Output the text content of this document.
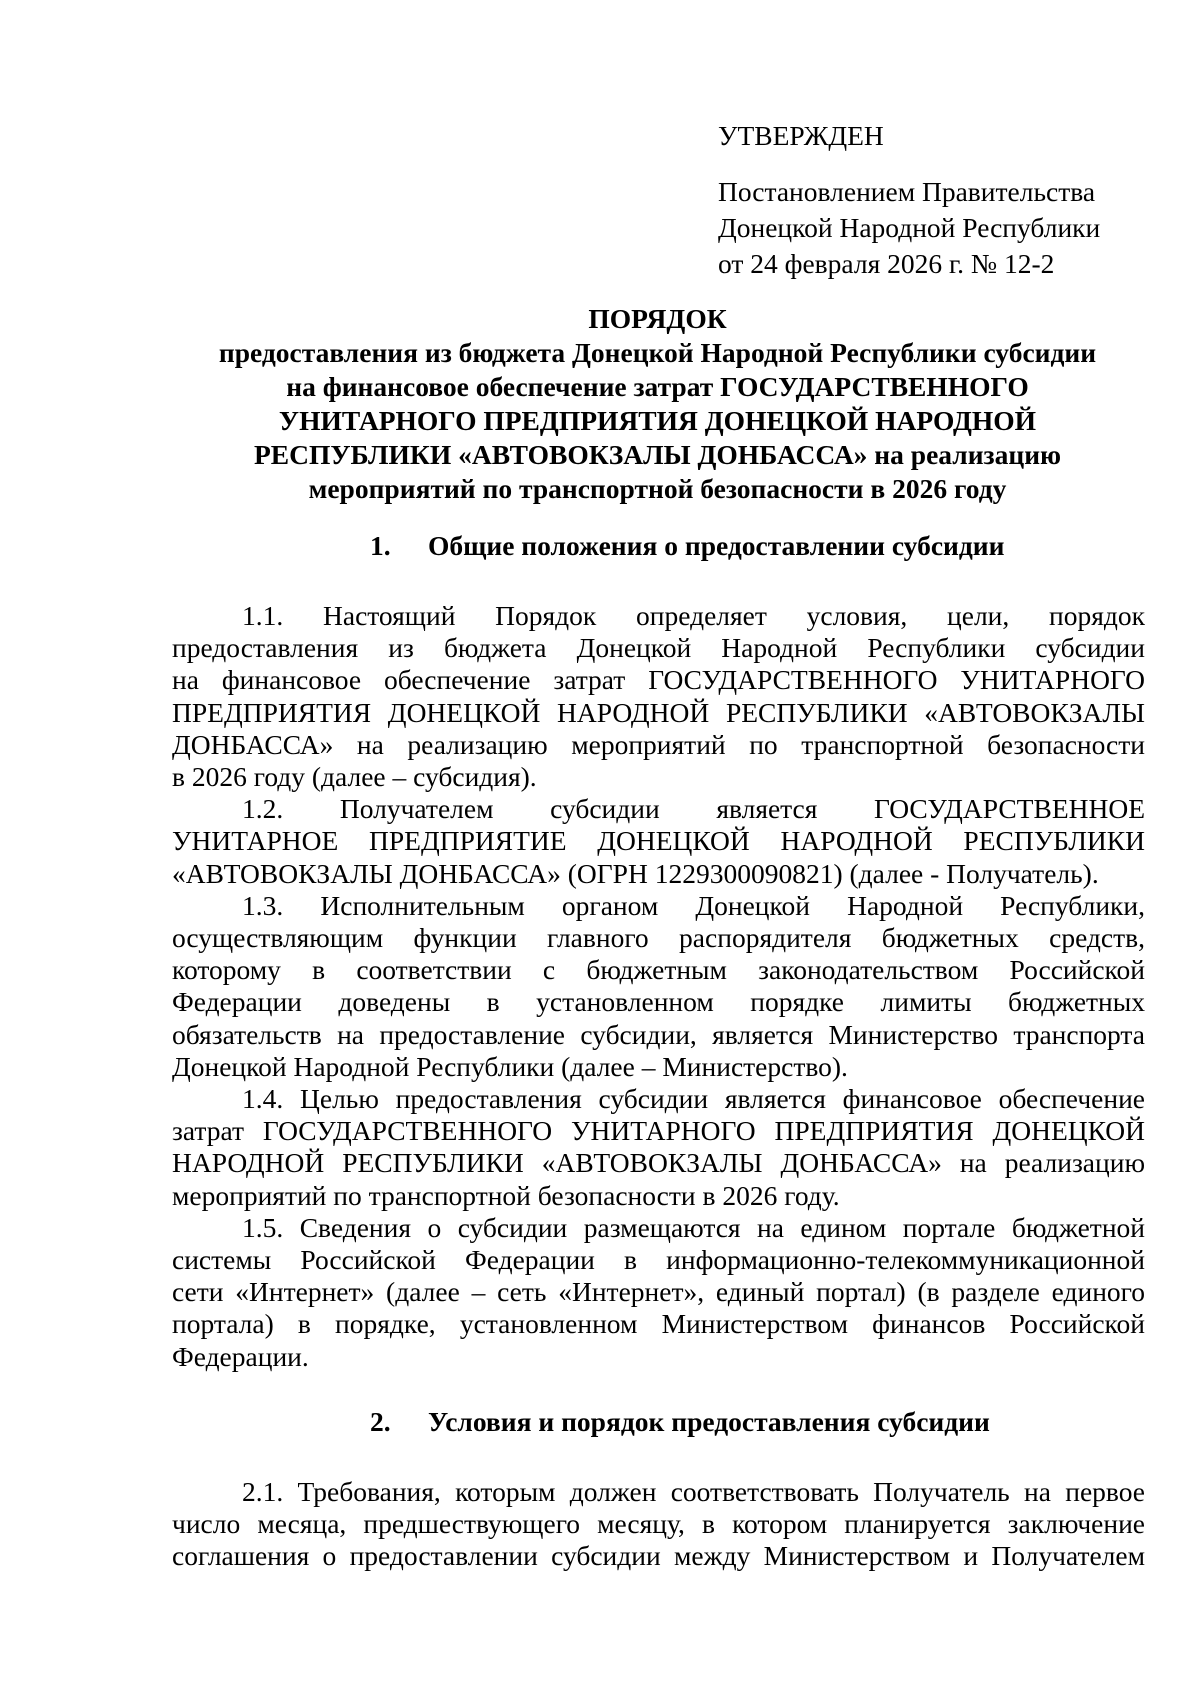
УТВЕРЖДЕН
Постановлением Правительства
Донецкой Народной Республики
от 24 февраля 2026 г. № 12-2
ПОРЯДОК
предоставления из бюджета Донецкой Народной Республики субсидии
на финансовое обеспечение затрат ГОСУДАРСТВЕННОГО
УНИТАРНОГО ПРЕДПРИЯТИЯ ДОНЕЦКОЙ НАРОДНОЙ
РЕСПУБЛИКИ «АВТОВОКЗАЛЫ ДОНБАССА» на реализацию
мероприятий по транспортной безопасности в 2026 году
1. Общие положения о предоставлении субсидии

1.1. Настоящий Порядок определяет условия, цели, порядок
предоставления из бюджета Донецкой Народной Республики субсидии
на финансовое обеспечение затрат ГОСУДАРСТВЕННОГО УНИТАРНОГО
ПРЕДПРИЯТИЯ ДОНЕЦКОЙ НАРОДНОЙ РЕСПУБЛИКИ «АВТОВОКЗАЛЫ
ДОНБАССА» на реализацию мероприятий по транспортной безопасности
в 2026 году (далее – субсидия).

1.2. Получателем субсидии является ГОСУДАРСТВЕННОЕ
УНИТАРНОЕ ПРЕДПРИЯТИЕ ДОНЕЦКОЙ НАРОДНОЙ РЕСПУБЛИКИ
«АВТОВОКЗАЛЫ ДОНБАССА» (ОГРН 1229300090821) (далее - Получатель).

1.3. Исполнительным органом Донецкой Народной Республики,
осуществляющим функции главного распорядителя бюджетных средств,
которому в соответствии с бюджетным законодательством Российской
Федерации доведены в установленном порядке лимиты бюджетных
обязательств на предоставление субсидии, является Министерство транспорта
Донецкой Народной Республики (далее – Министерство).

1.4. Целью предоставления субсидии является финансовое обеспечение
затрат ГОСУДАРСТВЕННОГО УНИТАРНОГО ПРЕДПРИЯТИЯ ДОНЕЦКОЙ
НАРОДНОЙ РЕСПУБЛИКИ «АВТОВОКЗАЛЫ ДОНБАССА» на реализацию
мероприятий по транспортной безопасности в 2026 году.

1.5. Сведения о субсидии размещаются на едином портале бюджетной
системы Российской Федерации в информационно-телекоммуникационной
сети «Интернет» (далее – сеть «Интернет», единый портал) (в разделе единого
портала) в порядке, установленном Министерством финансов Российской
Федерации.

2. Условия и порядок предоставления субсидии

2.1. Требования, которым должен соответствовать Получатель на первое
число месяца, предшествующего месяцу, в котором планируется заключение
соглашения о предоставлении субсидии между Министерством и Получателем
